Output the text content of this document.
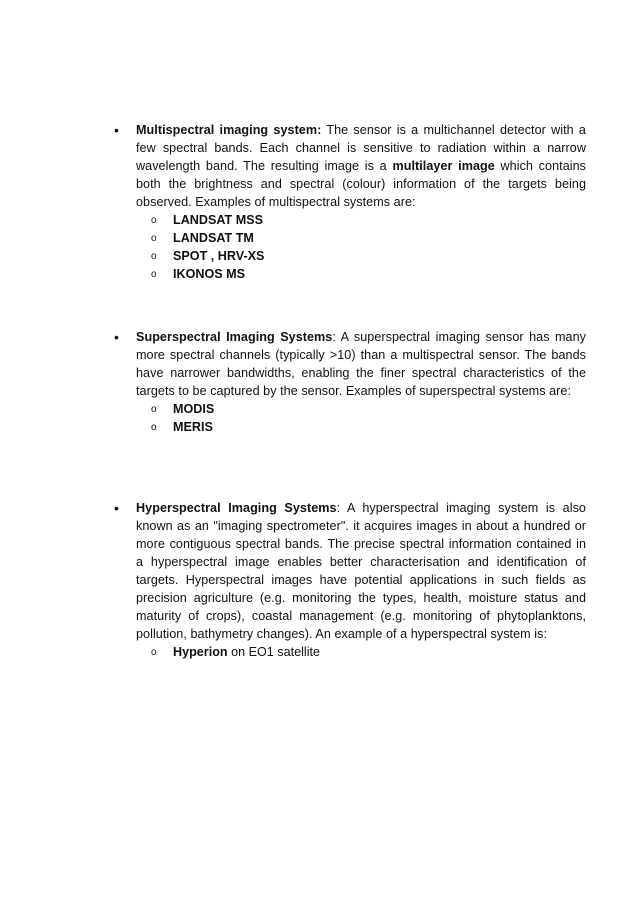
• Multispectral imaging system: The sensor is a multichannel detector with a few spectral bands. Each channel is sensitive to radiation within a narrow wavelength band. The resulting image is a multilayer image which contains both the brightness and spectral (colour) information of the targets being observed. Examples of multispectral systems are:
o LANDSAT MSS
o LANDSAT TM
o SPOT , HRV-XS
o IKONOS MS
• Superspectral Imaging Systems: A superspectral imaging sensor has many more spectral channels (typically >10) than a multispectral sensor. The bands have narrower bandwidths, enabling the finer spectral characteristics of the targets to be captured by the sensor. Examples of superspectral systems are:
o MODIS
o MERIS
• Hyperspectral Imaging Systems: A hyperspectral imaging system is also known as an "imaging spectrometer". it acquires images in about a hundred or more contiguous spectral bands. The precise spectral information contained in a hyperspectral image enables better characterisation and identification of targets. Hyperspectral images have potential applications in such fields as precision agriculture (e.g. monitoring the types, health, moisture status and maturity of crops), coastal management (e.g. monitoring of phytoplanktons, pollution, bathymetry changes). An example of a hyperspectral system is:
o Hyperion on EO1 satellite
